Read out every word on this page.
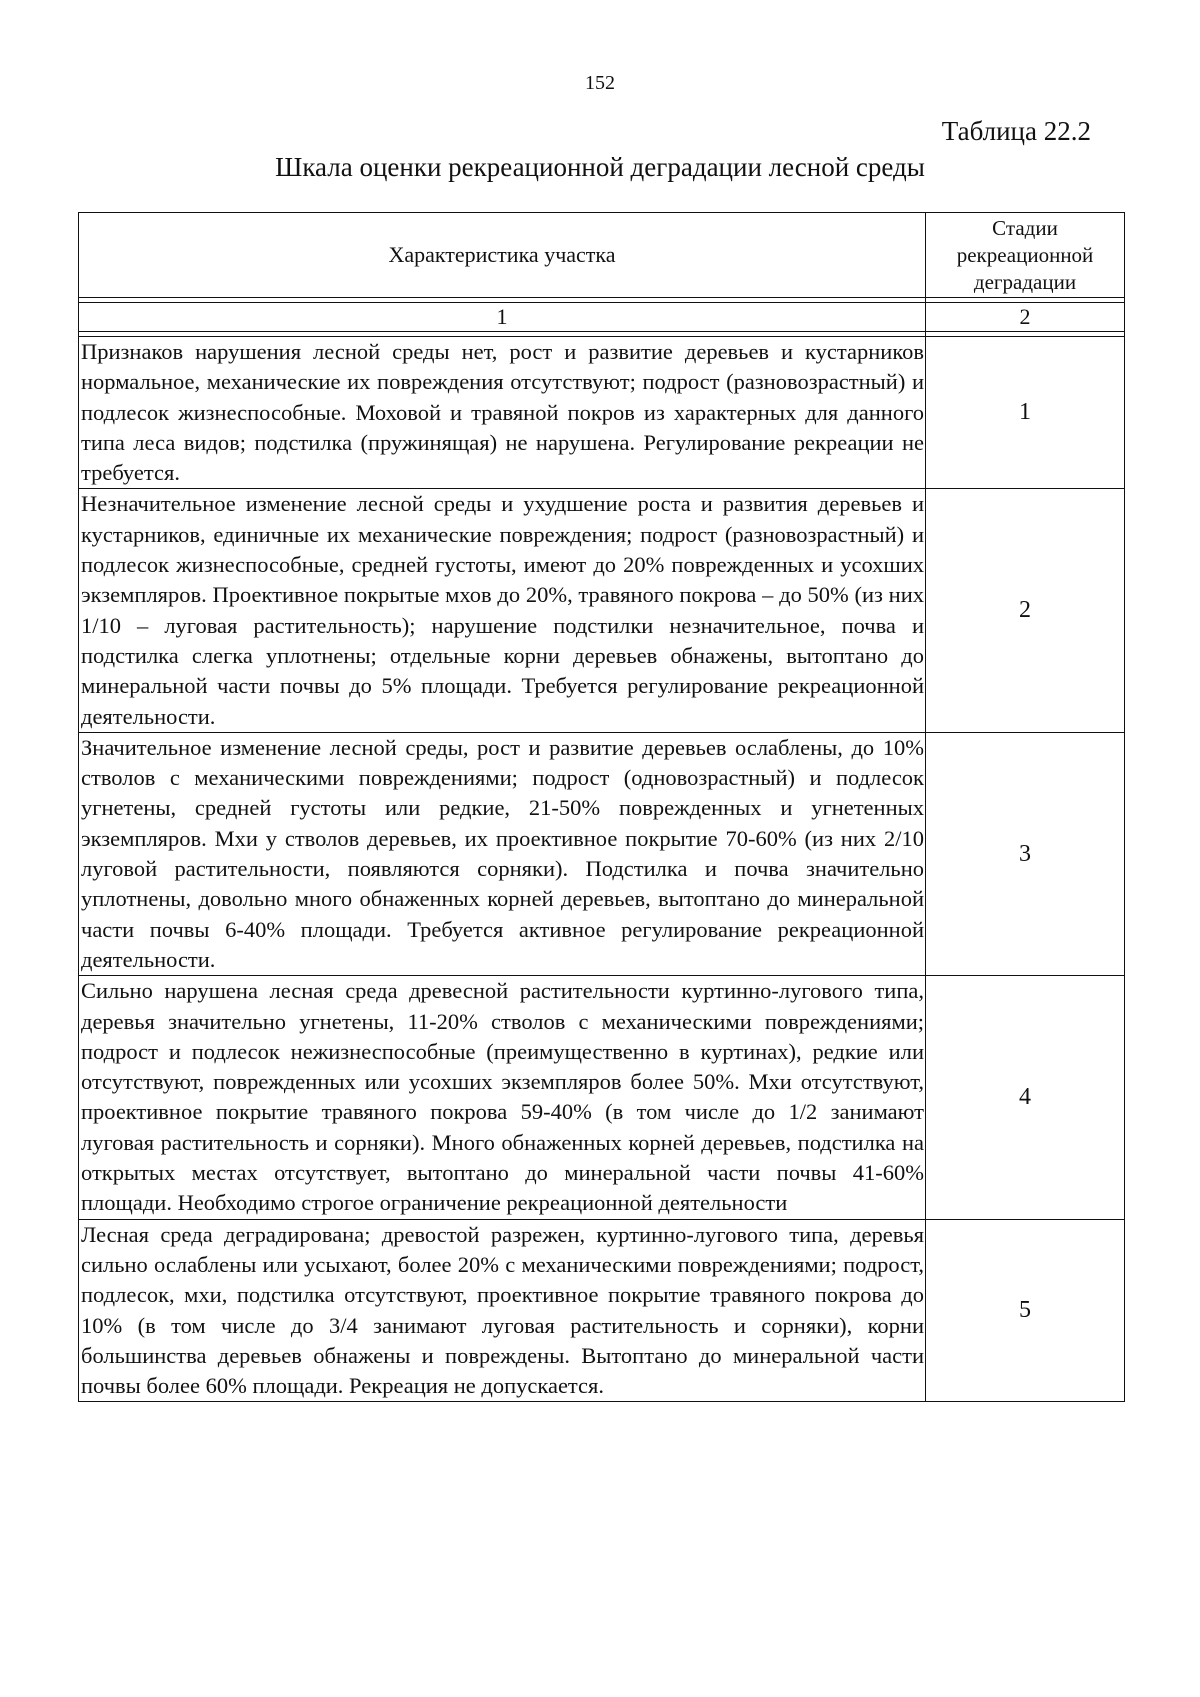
152
Таблица 22.2
Шкала оценки рекреационной деградации лесной среды
Характеристика участка	Стадии рекреационной деградации

1	2

Признаков нарушения лесной среды нет, рост и развитие деревьев и кустарников нормальное, механические их повреждения отсутствуют; подрост (разновозрастный) и подлесок жизнеспособные. Моховой и травяной покров из характерных для данного типа леса видов; подстилка (пружинящая) не нарушена. Регулирование рекреации не требуется.	1
Незначительное изменение лесной среды и ухудшение роста и развития деревьев и кустарников, единичные их механические повреждения; подрост (разновозрастный) и подлесок жизнеспособные, средней густоты, имеют до 20% поврежденных и усохших экземпляров. Проективное покрытые мхов до 20%, травяного покрова – до 50% (из них 1/10 – луговая растительность); нарушение подстилки незначительное, почва и подстилка слегка уплотнены; отдельные корни деревьев обнажены, вытоптано до минеральной части почвы до 5% площади. Требуется регулирование рекреационной деятельности.	2
Значительное изменение лесной среды, рост и развитие деревьев ослаблены, до 10% стволов с механическими повреждениями; подрост (одновозрастный) и подлесок угнетены, средней густоты или редкие, 21-50% поврежденных и угнетенных экземпляров. Мхи у стволов деревьев, их проективное покрытие 70-60% (из них 2/10 луговой растительности, появляются сорняки). Подстилка и почва значительно уплотнены, довольно много обнаженных корней деревьев, вытоптано до минеральной части почвы 6-40% площади. Требуется активное регулирование рекреационной деятельности.	3
Сильно нарушена лесная среда древесной растительности куртинно-лугового типа, деревья значительно угнетены, 11-20% стволов с механическими повреждениями; подрост и подлесок нежизнеспособные (преимущественно в куртинах), редкие или отсутствуют, поврежденных или усохших экземпляров более 50%. Мхи отсутствуют, проективное покрытие травяного покрова 59-40% (в том числе до 1/2 занимают луговая растительность и сорняки). Много обнаженных корней деревьев, подстилка на открытых местах отсутствует, вытоптано до минеральной части почвы 41-60% площади. Необходимо строгое ограничение рекреационной деятельности	4
Лесная среда деградирована; древостой разрежен, куртинно-лугового типа, деревья сильно ослаблены или усыхают, более 20% с механическими повреждениями; подрост, подлесок, мхи, подстилка отсутствуют, проективное покрытие травяного покрова до 10% (в том числе до 3/4 занимают луговая растительность и сорняки), корни большинства деревьев обнажены и повреждены. Вытоптано до минеральной части почвы более 60% площади. Рекреация не допускается.	5
